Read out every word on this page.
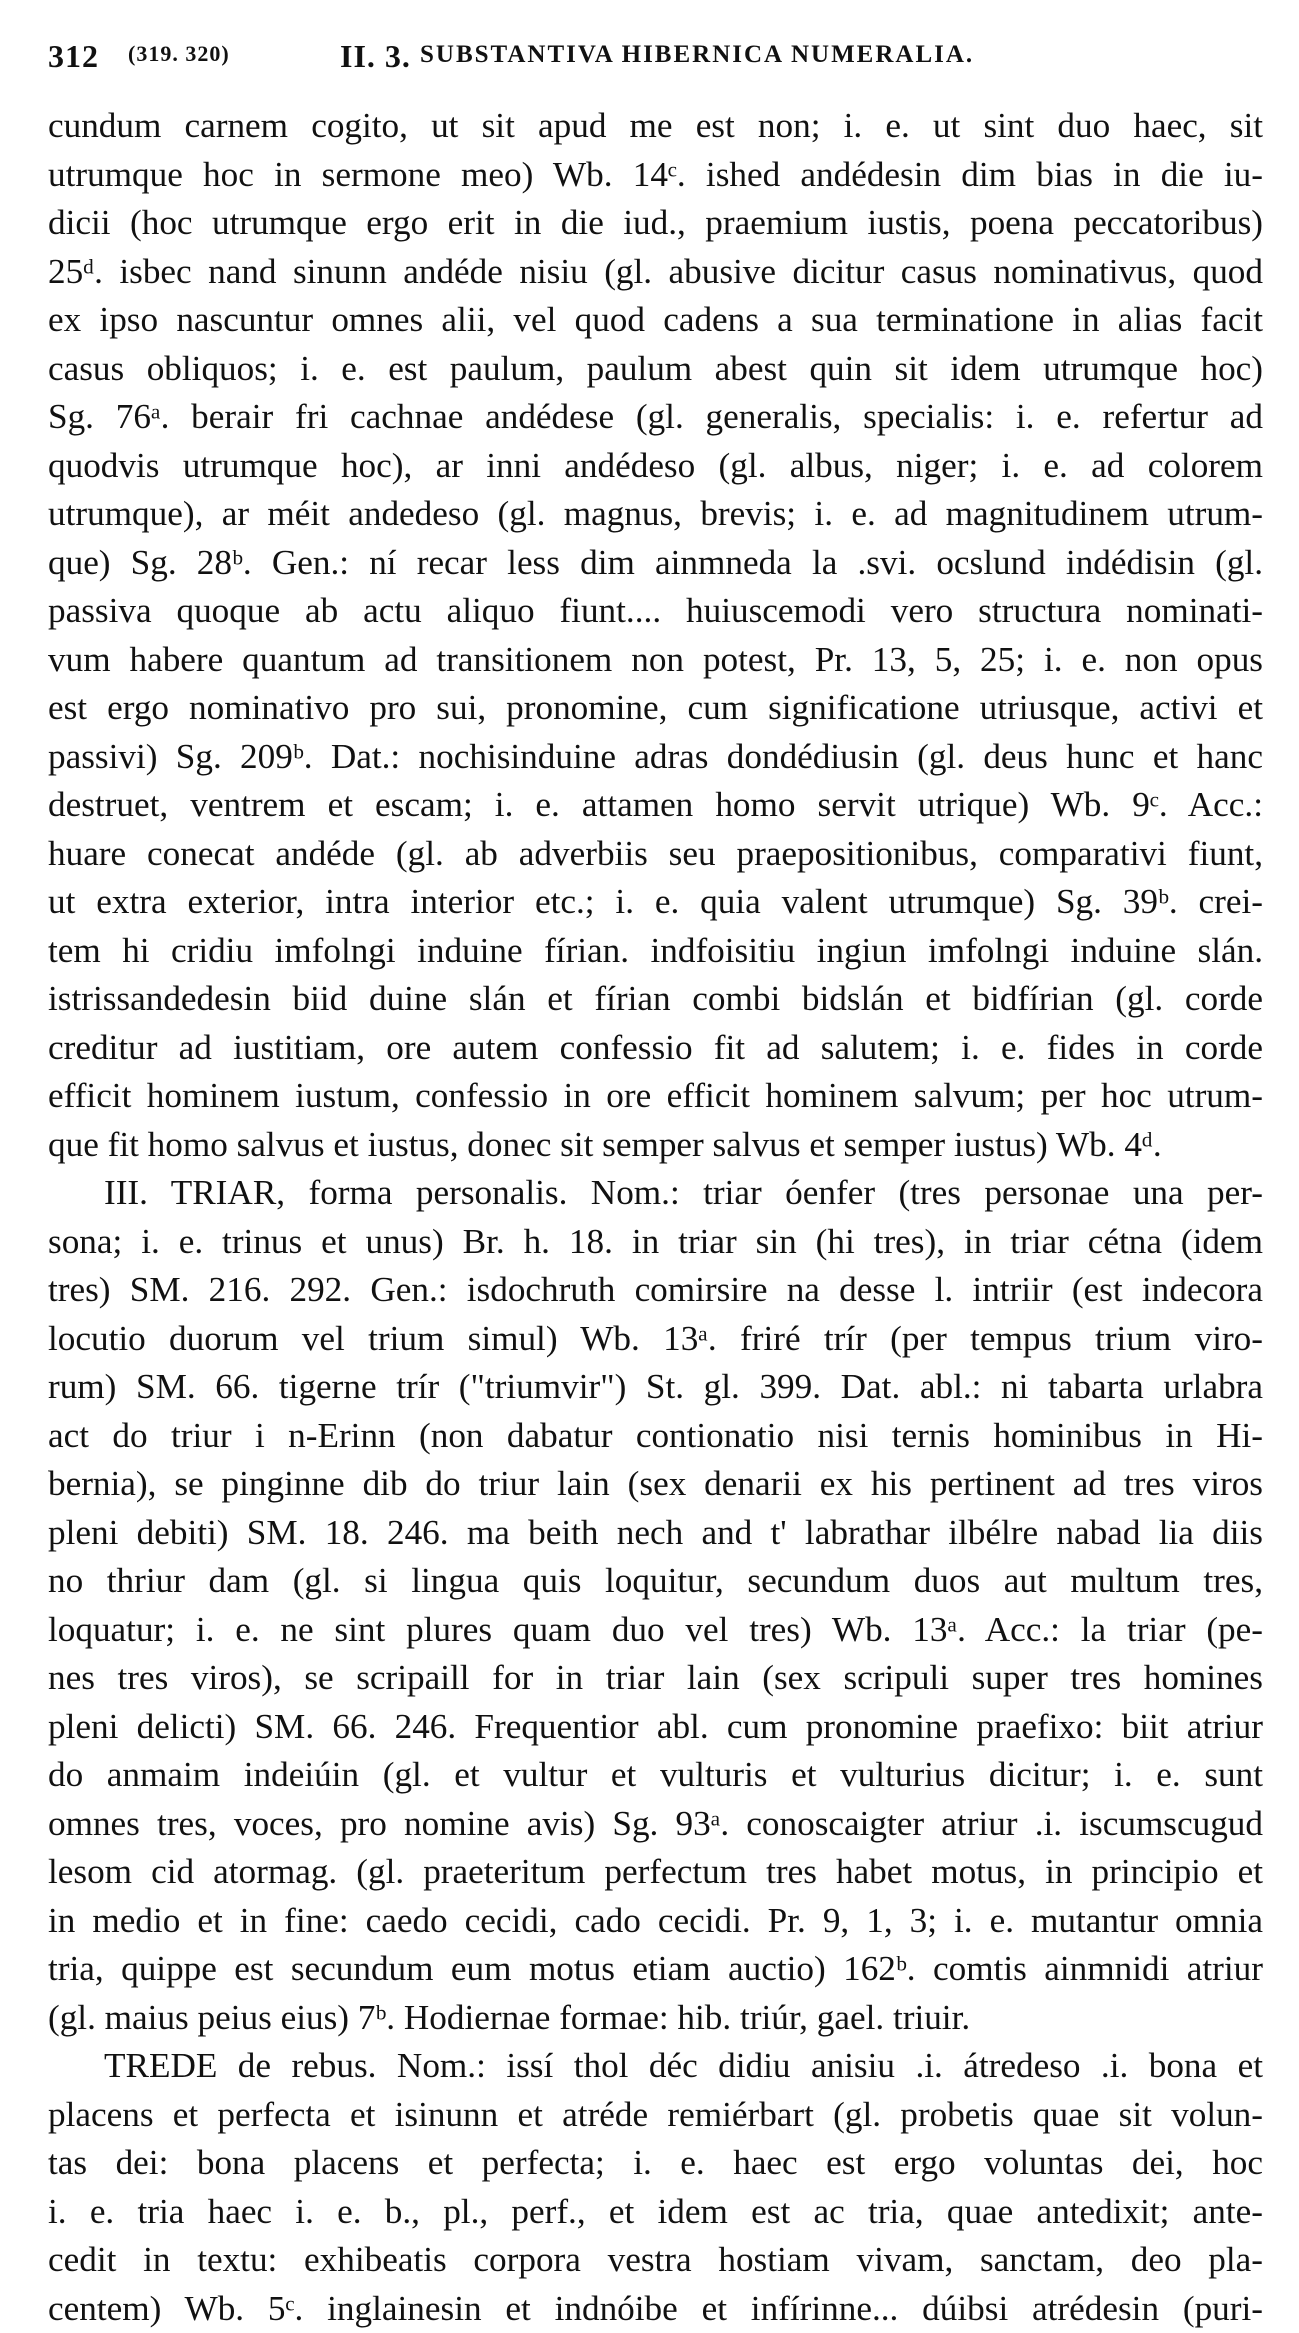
312 (319. 320)	II. 3. SUBSTANTIVA HIBERNICA NUMERALIA.
cundum carnem cogito, ut sit apud me est non; i. e. ut sint duo haec, sit
utrumque hoc in sermone meo) Wb. 14ᶜ. ished andédesin dim bias in die iu-
dicii (hoc utrumque ergo erit in die iud., praemium iustis, poena peccatoribus)
25ᵈ. isbec nand sinunn andéde nisiu (gl. abusive dicitur casus nominativus, quod
ex ipso nascuntur omnes alii, vel quod cadens a sua terminatione in alias facit
casus obliquos; i. e. est paulum, paulum abest quin sit idem utrumque hoc)
Sg. 76ᵃ. berair fri cachnae andédese (gl. generalis, specialis: i. e. refertur ad
quodvis utrumque hoc), ar inni andédeso (gl. albus, niger; i. e. ad colorem
utrumque), ar méit andedeso (gl. magnus, brevis; i. e. ad magnitudinem utrum-
que) Sg. 28ᵇ. Gen.: ní recar less dim ainmneda la .svi. ocslund indédisin (gl.
passiva quoque ab actu aliquo fiunt.... huiuscemodi vero structura nominati-
vum habere quantum ad transitionem non potest, Pr. 13, 5, 25; i. e. non opus
est ergo nominativo pro sui, pronomine, cum significatione utriusque, activi et
passivi) Sg. 209ᵇ. Dat.: nochisinduine adras dondédiusin (gl. deus hunc et hanc
destruet, ventrem et escam; i. e. attamen homo servit utrique) Wb. 9ᶜ. Acc.:
huare conecat andéde (gl. ab adverbiis seu praepositionibus, comparativi fiunt,
ut extra exterior, intra interior etc.; i. e. quia valent utrumque) Sg. 39ᵇ. crei-
tem hi cridiu imfolngi induine fírian. indfoisitiu ingiun imfolngi induine slán.
istrissandedesin biid duine slán et fírian combi bidslán et bidfírian (gl. corde
creditur ad iustitiam, ore autem confessio fit ad salutem; i. e. fides in corde
efficit hominem iustum, confessio in ore efficit hominem salvum; per hoc utrum-
que fit homo salvus et iustus, donec sit semper salvus et semper iustus) Wb. 4ᵈ.
III. TRIAR, forma personalis. Nom.: triar óenfer (tres personae una per-
sona; i. e. trinus et unus) Br. h. 18. in triar sin (hi tres), in triar cétna (idem
tres) SM. 216. 292. Gen.: isdochruth comirsire na desse l. intriir (est indecora
locutio duorum vel trium simul) Wb. 13ᵃ. friré trír (per tempus trium viro-
rum) SM. 66. tigerne trír ("triumvir") St. gl. 399. Dat. abl.: ni tabarta urlabra
act do triur i n-Erinn (non dabatur contionatio nisi ternis hominibus in Hi-
bernia), se pinginne dib do triur lain (sex denarii ex his pertinent ad tres viros
pleni debiti) SM. 18. 246. ma beith nech and t' labrathar ilbélre nabad lia diis
no thriur dam (gl. si lingua quis loquitur, secundum duos aut multum tres,
loquatur; i. e. ne sint plures quam duo vel tres) Wb. 13ᵃ. Acc.: la triar (pe-
nes tres viros), se scripaill for in triar lain (sex scripuli super tres homines
pleni delicti) SM. 66. 246. Frequentior abl. cum pronomine praefixo: biit atriur
do anmaim indeiúin (gl. et vultur et vulturis et vulturius dicitur; i. e. sunt
omnes tres, voces, pro nomine avis) Sg. 93ᵃ. conoscaigter atriur .i. iscumscugud
lesom cid atormag. (gl. praeteritum perfectum tres habet motus, in principio et
in medio et in fine: caedo cecidi, cado cecidi. Pr. 9, 1, 3; i. e. mutantur omnia
tria, quippe est secundum eum motus etiam auctio) 162ᵇ. comtis ainmnidi atriur
(gl. maius peius eius) 7ᵇ. Hodiernae formae: hib. triúr, gael. triuir.
TREDE de rebus. Nom.: issí thol déc didiu anisiu .i. átredeso .i. bona et
placens et perfecta et isinunn et atréde remiérbart (gl. probetis quae sit volun-
tas dei: bona placens et perfecta; i. e. haec est ergo voluntas dei, hoc
i. e. tria haec i. e. b., pl., perf., et idem est ac tria, quae antedixit; ante-
cedit in textu: exhibeatis corpora vestra hostiam vivam, sanctam, deo pla-
centem) Wb. 5ᶜ. inglainesin et indnóibe et infírinne... dúibsi atrédesin (puri-
